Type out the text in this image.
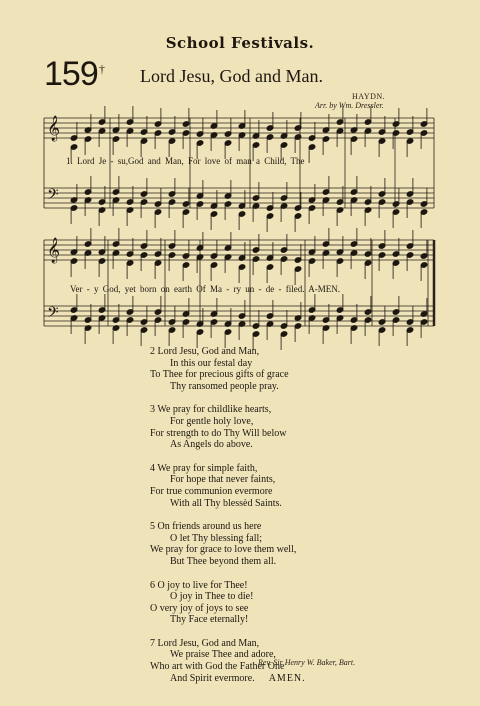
School Festivals.
159 † Lord Jesu, God and Man.
HAYDN.
Arr. by Wm. Dressler.
𝄞
𝄢
𝄞
𝄢
1. Lord Je - su,God and Man, For love of man a Child, The
Ver - y God, yet born on earth Of Ma - ry un - de - filed. A-MEN.
2 Lord Jesu, God and Man,
In this our festal day
To Thee for precious gifts of grace
Thy ransomed people pray.
3 We pray for childlike hearts,
For gentle holy love,
For strength to do Thy Will below
As Angels do above.
4 We pray for simple faith,
For hope that never faints,
For true communion evermore
With all Thy blessèd Saints.
5 On friends around us here
O let Thy blessing fall;
We pray for grace to love them well,
But Thee beyond them all.
6 O joy to live for Thee!
O joy in Thee to die!
O very joy of joys to see
Thy Face eternally!
7 Lord Jesu, God and Man,
We praise Thee and adore,
Who art with God the Father One
And Spirit evermore. AMEN.
Rev. Sir Henry W. Baker, Bart.
